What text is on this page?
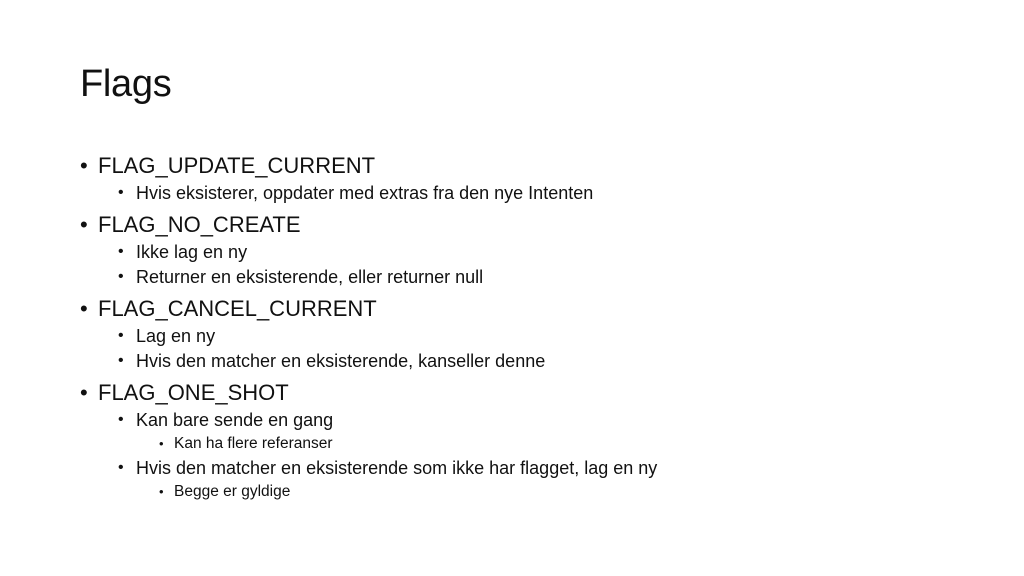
Flags
• FLAG_UPDATE_CURRENT
• Hvis eksisterer, oppdater med extras fra den nye Intenten
• FLAG_NO_CREATE
• Ikke lag en ny
• Returner en eksisterende, eller returner null
• FLAG_CANCEL_CURRENT
• Lag en ny
• Hvis den matcher en eksisterende, kanseller denne
• FLAG_ONE_SHOT
• Kan bare sende en gang
• Kan ha flere referanser
• Hvis den matcher en eksisterende som ikke har flagget, lag en ny
• Begge er gyldige
